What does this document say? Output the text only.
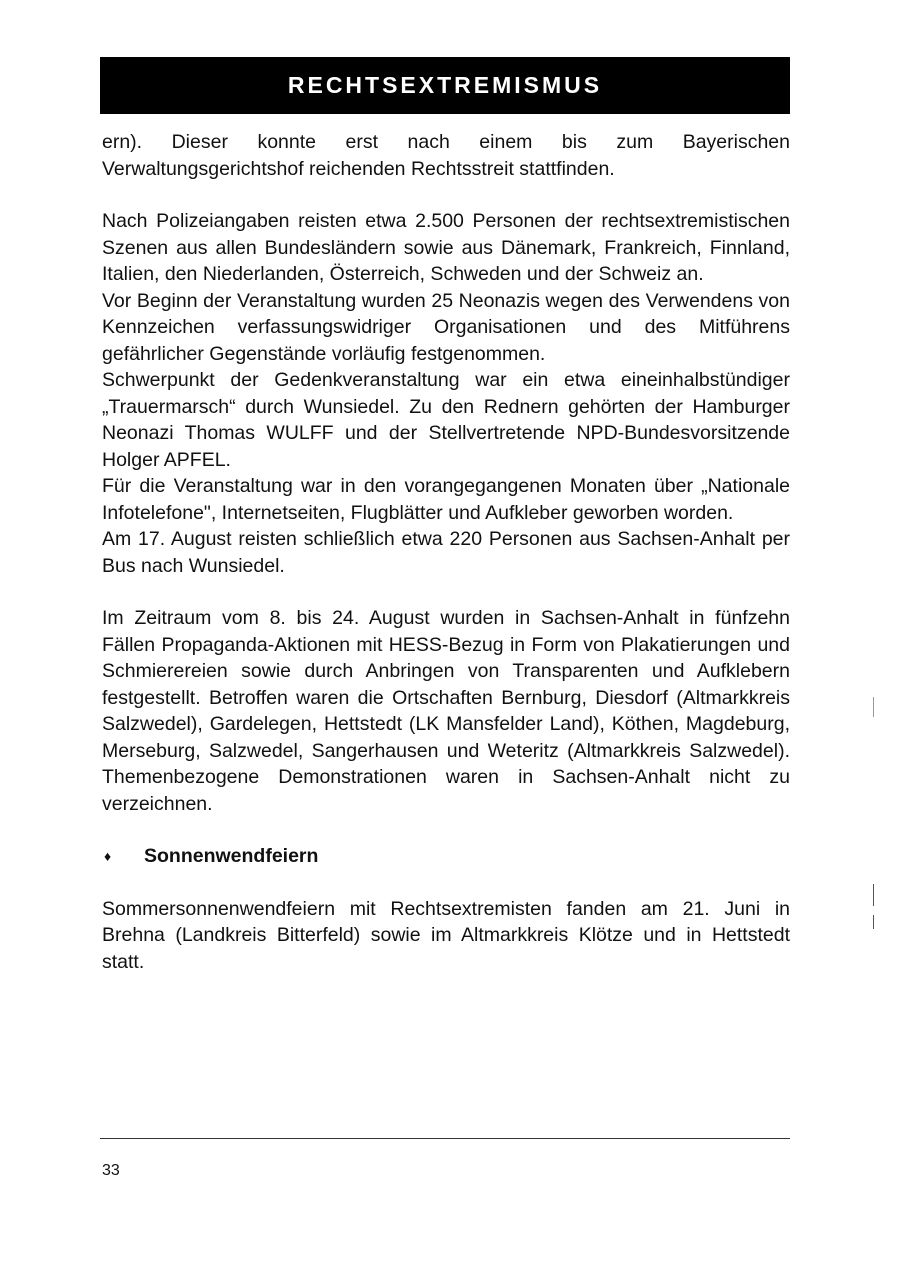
RECHTSEXTREMISMUS

ern). Dieser konnte erst nach einem bis zum Bayerischen Verwaltungsgerichtshof reichenden Rechtsstreit stattfinden.

Nach Polizeiangaben reisten etwa 2.500 Personen der rechtsextremistischen Szenen aus allen Bundesländern sowie aus Dänemark, Frankreich, Finnland, Italien, den Niederlanden, Österreich, Schweden und der Schweiz an.

Vor Beginn der Veranstaltung wurden 25 Neonazis wegen des Verwendens von Kennzeichen verfassungswidriger Organisationen und des Mitführens gefährlicher Gegenstände vorläufig festgenommen.

Schwerpunkt der Gedenkveranstaltung war ein etwa eineinhalbstündiger „Trauermarsch“ durch Wunsiedel. Zu den Rednern gehörten der Hamburger Neonazi Thomas WULFF und der Stellvertretende NPD-Bundesvorsitzende Holger APFEL.

Für die Veranstaltung war in den vorangegangenen Monaten über „Nationale Infotelefone", Internetseiten, Flugblätter und Aufkleber geworben worden.

Am 17. August reisten schließlich etwa 220 Personen aus Sachsen-Anhalt per Bus nach Wunsiedel.

Im Zeitraum vom 8. bis 24. August wurden in Sachsen-Anhalt in fünfzehn Fällen Propaganda-Aktionen mit HESS-Bezug in Form von Plakatierungen und Schmierereien sowie durch Anbringen von Transparenten und Aufklebern festgestellt. Betroffen waren die Ortschaften Bernburg, Diesdorf (Altmarkkreis Salzwedel), Gardelegen, Hettstedt (LK Mansfelder Land), Köthen, Magdeburg, Merseburg, Salzwedel, Sangerhausen und Weteritz (Altmarkkreis Salzwedel). Themenbezogene Demonstrationen waren in Sachsen-Anhalt nicht zu verzeichnen.

♦	Sonnenwendfeiern

Sommersonnenwendfeiern mit Rechtsextremisten fanden am 21. Juni in Brehna (Landkreis Bitterfeld) sowie im Altmarkkreis Klötze und in Hettstedt statt.

33
